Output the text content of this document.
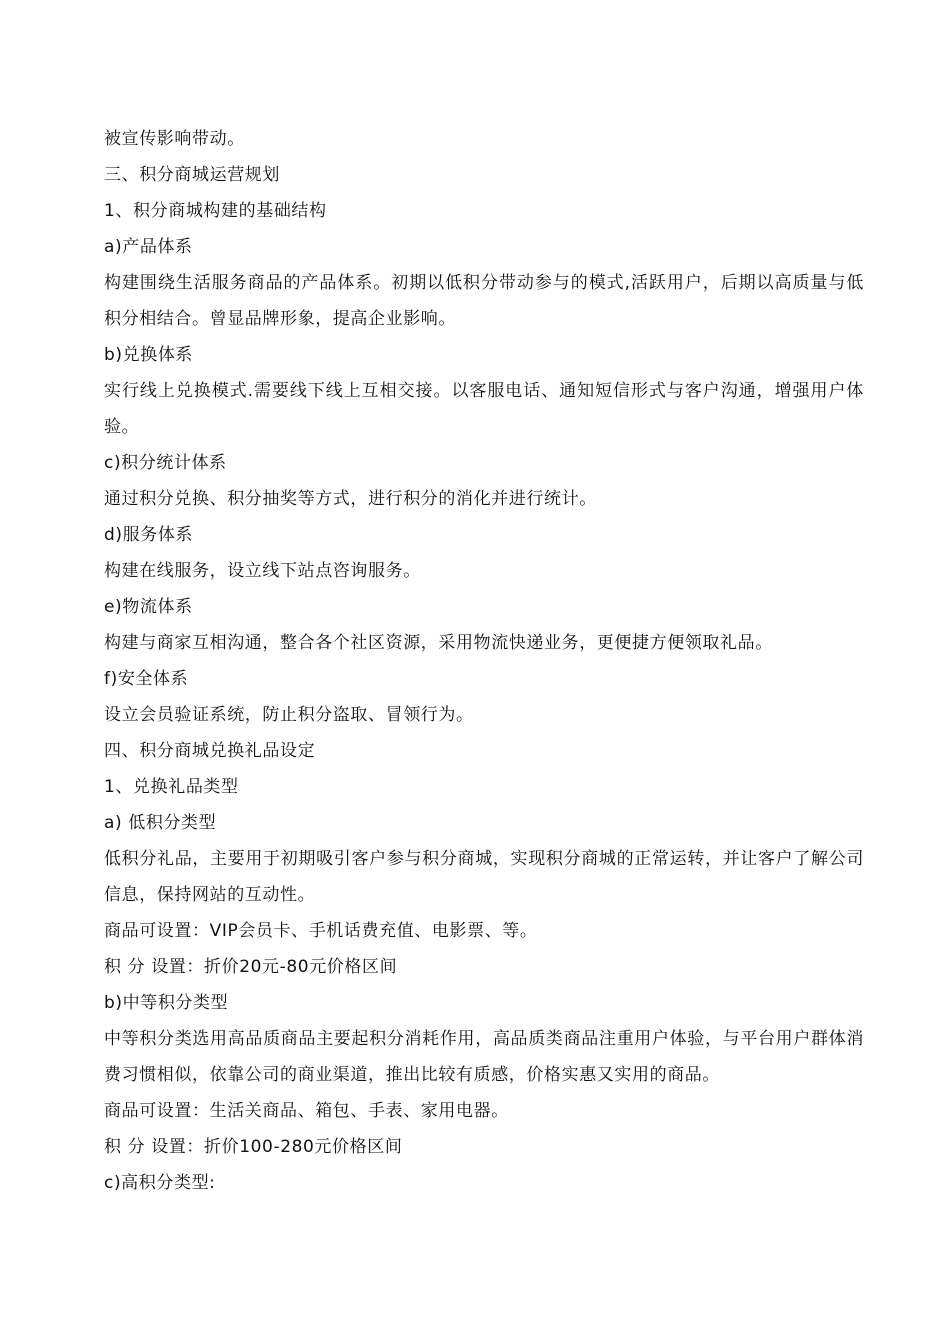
被宣传影响带动。
三、积分商城运营规划
1、积分商城构建的基础结构
a)产品体系
构建围绕生活服务商品的产品体系。初期以低积分带动参与的模式,活跃用户，后期以高质量与低积分相结合。曾显品牌形象，提高企业影响。
b)兑换体系
实行线上兑换模式.需要线下线上互相交接。以客服电话、通知短信形式与客户沟通，增强用户体验。
c)积分统计体系
通过积分兑换、积分抽奖等方式，进行积分的消化并进行统计。
d)服务体系
构建在线服务，设立线下站点咨询服务。
e)物流体系
构建与商家互相沟通，整合各个社区资源，采用物流快递业务，更便捷方便领取礼品。
f)安全体系
设立会员验证系统，防止积分盗取、冒领行为。
四、积分商城兑换礼品设定
1、兑换礼品类型
a) 低积分类型
低积分礼品，主要用于初期吸引客户参与积分商城，实现积分商城的正常运转，并让客户了解公司信息，保持网站的互动性。
商品可设置：VIP会员卡、手机话费充值、电影票、等。
积 分 设置：折价20元-80元价格区间
b)中等积分类型
中等积分类选用高品质商品主要起积分消耗作用，高品质类商品注重用户体验，与平台用户群体消费习惯相似，依靠公司的商业渠道，推出比较有质感，价格实惠又实用的商品。
商品可设置：生活关商品、箱包、手表、家用电器。
积 分 设置：折价100-280元价格区间
c)高积分类型:
